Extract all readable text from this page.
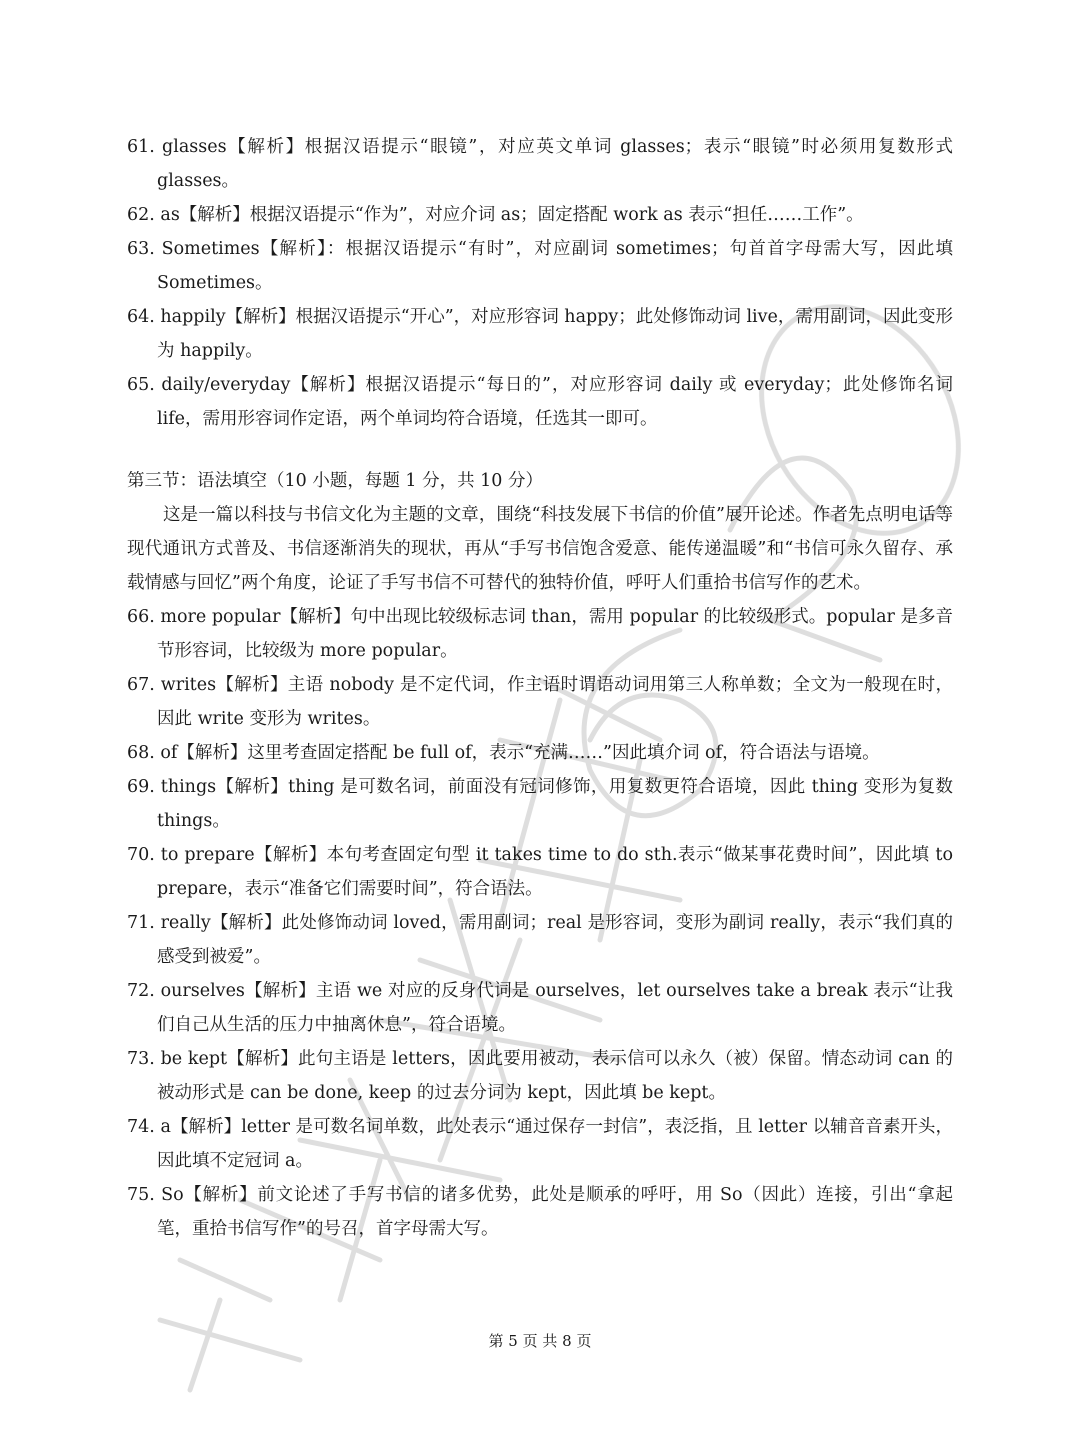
61. glasses【解析】根据汉语提示“眼镜”，对应英文单词 glasses；表示“眼镜”时必须用复数形式 glasses。
62. as【解析】根据汉语提示“作为”，对应介词 as；固定搭配 work as 表示“担任……工作”。
63. Sometimes【解析】：根据汉语提示“有时”，对应副词 sometimes；句首首字母需大写，因此填 Sometimes。
64. happily【解析】根据汉语提示“开心”，对应形容词 happy；此处修饰动词 live，需用副词，因此变形为 happily。
65. daily/everyday【解析】根据汉语提示“每日的”，对应形容词 daily 或 everyday；此处修饰名词 life，需用形容词作定语，两个单词均符合语境，任选其一即可。
第三节：语法填空（10 小题，每题 1 分，共 10 分）
这是一篇以科技与书信文化为主题的文章，围绕“科技发展下书信的价值”展开论述。作者先点明电话等现代通讯方式普及、书信逐渐消失的现状，再从“手写书信饱含爱意、能传递温暖”和“书信可永久留存、承载情感与回忆”两个角度，论证了手写书信不可替代的独特价值，呼吁人们重拾书信写作的艺术。
66. more popular【解析】句中出现比较级标志词 than，需用 popular 的比较级形式。popular 是多音节形容词，比较级为 more popular。
67. writes【解析】主语 nobody 是不定代词，作主语时谓语动词用第三人称单数；全文为一般现在时，因此 write 变形为 writes。
68. of【解析】这里考查固定搭配 be full of，表示“充满……”因此填介词 of，符合语法与语境。
69. things【解析】thing 是可数名词，前面没有冠词修饰，用复数更符合语境，因此 thing 变形为复数 things。
70. to prepare【解析】本句考查固定句型 it takes time to do sth.表示“做某事花费时间”，因此填 to prepare，表示“准备它们需要时间”，符合语法。
71. really【解析】此处修饰动词 loved，需用副词；real 是形容词，变形为副词 really，表示“我们真的感受到被爱”。
72. ourselves【解析】主语 we 对应的反身代词是 ourselves，let ourselves take a break 表示“让我们自己从生活的压力中抽离休息”，符合语境。
73. be kept【解析】此句主语是 letters，因此要用被动，表示信可以永久（被）保留。情态动词 can 的被动形式是 can be done, keep 的过去分词为 kept，因此填 be kept。
74. a【解析】letter 是可数名词单数，此处表示“通过保存一封信”，表泛指，且 letter 以辅音音素开头，因此填不定冠词 a。
75. So【解析】前文论述了手写书信的诸多优势，此处是顺承的呼吁，用 So（因此）连接，引出“拿起笔，重拾书信写作”的号召，首字母需大写。
第 5 页 共 8 页
